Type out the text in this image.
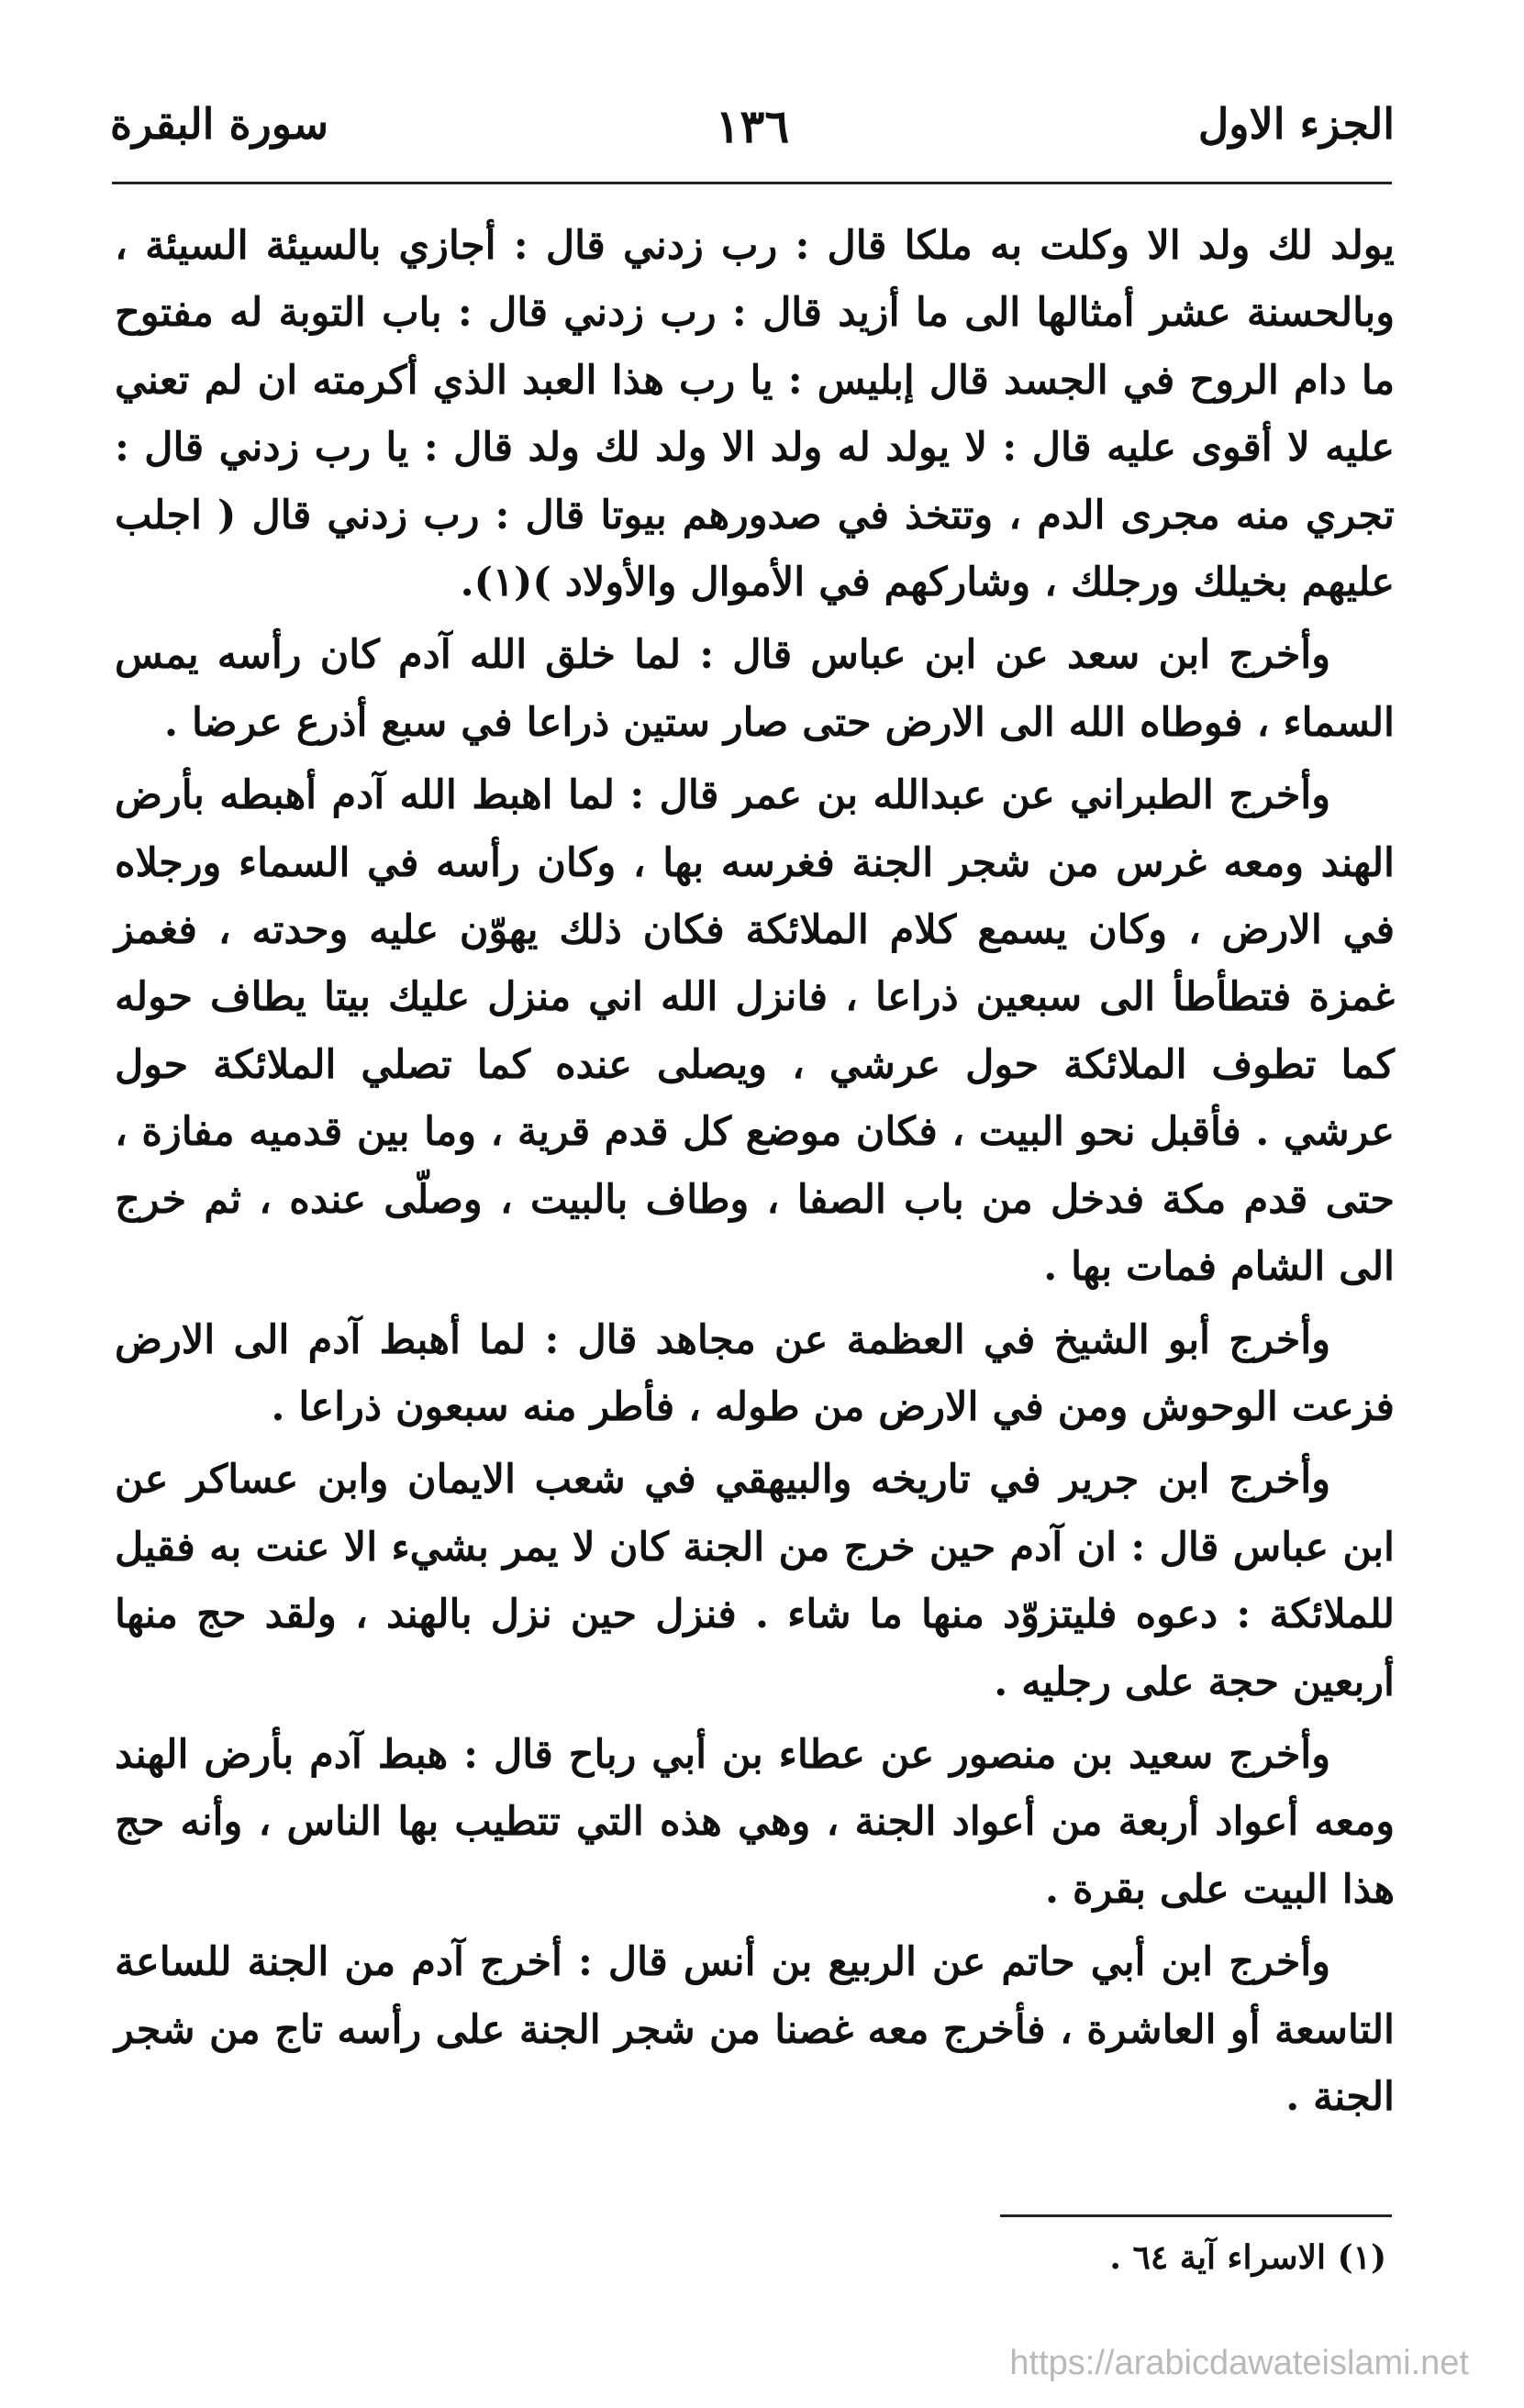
الجزء الاول
١٣٦
سورة البقرة

يولد لك ولد الا وكلت به ملكا قال : رب زدني قال : أجازي بالسيئة السيئة ، وبالحسنة عشر أمثالها الى ما أزيد قال : رب زدني قال : باب التوبة له مفتوح ما دام الروح في الجسد قال إبليس : يا رب هذا العبد الذي أكرمته ان لم تعني عليه لا أقوى عليه قال : لا يولد له ولد الا ولد لك ولد قال : يا رب زدني قال : تجري منه مجرى الدم ، وتتخذ في صدورهم بيوتا قال : رب زدني قال ( اجلب عليهم بخيلك ورجلك ، وشاركهم في الأموال والأولاد )(١).

وأخرج ابن سعد عن ابن عباس قال : لما خلق الله آدم كان رأسه يمس السماء ، فوطاه الله الى الارض حتى صار ستين ذراعا في سبع أذرع عرضا .

وأخرج الطبراني عن عبدالله بن عمر قال : لما اهبط الله آدم أهبطه بأرض الهند ومعه غرس من شجر الجنة فغرسه بها ، وكان رأسه في السماء ورجلاه في الارض ، وكان يسمع كلام الملائكة فكان ذلك يهوّن عليه وحدته ، فغمز غمزة فتطأطأ الى سبعين ذراعا ، فانزل الله اني منزل عليك بيتا يطاف حوله كما تطوف الملائكة حول عرشي ، ويصلى عنده كما تصلي الملائكة حول عرشي . فأقبل نحو البيت ، فكان موضع كل قدم قرية ، وما بين قدميه مفازة ، حتى قدم مكة فدخل من باب الصفا ، وطاف بالبيت ، وصلّى عنده ، ثم خرج الى الشام فمات بها .

وأخرج أبو الشيخ في العظمة عن مجاهد قال : لما أهبط آدم الى الارض فزعت الوحوش ومن في الارض من طوله ، فأطر منه سبعون ذراعا .

وأخرج ابن جرير في تاريخه والبيهقي في شعب الايمان وابن عساكر عن ابن عباس قال : ان آدم حين خرج من الجنة كان لا يمر بشيء الا عنت به فقيل للملائكة : دعوه فليتزوّد منها ما شاء . فنزل حين نزل بالهند ، ولقد حج منها أربعين حجة على رجليه .

وأخرج سعيد بن منصور عن عطاء بن أبي رباح قال : هبط آدم بأرض الهند ومعه أعواد أربعة من أعواد الجنة ، وهي هذه التي تتطيب بها الناس ، وأنه حج هذا البيت على بقرة .

وأخرج ابن أبي حاتم عن الربيع بن أنس قال : أخرج آدم من الجنة للساعة التاسعة أو العاشرة ، فأخرج معه غصنا من شجر الجنة على رأسه تاج من شجر الجنة .

(١) الاسراء آية ٦٤ .
https://arabicdawateislami.net
